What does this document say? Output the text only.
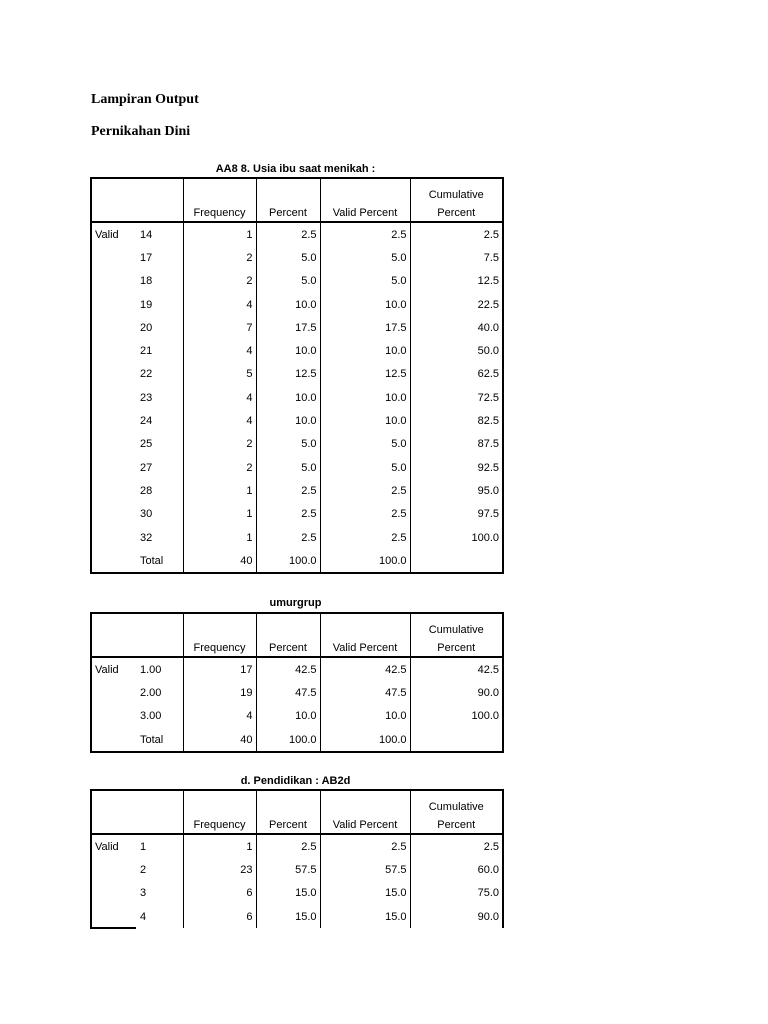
Lampiran Output
Pernikahan Dini
AA8 8. Usia ibu saat menikah :
					Cumulative
		Frequency	Percent	Valid Percent	Percent
Valid	14	1	2.5	2.5	2.5
	17	2	5.0	5.0	7.5
	18	2	5.0	5.0	12.5
	19	4	10.0	10.0	22.5
	20	7	17.5	17.5	40.0
	21	4	10.0	10.0	50.0
	22	5	12.5	12.5	62.5
	23	4	10.0	10.0	72.5
	24	4	10.0	10.0	82.5
	25	2	5.0	5.0	87.5
	27	2	5.0	5.0	92.5
	28	1	2.5	2.5	95.0
	30	1	2.5	2.5	97.5
	32	1	2.5	2.5	100.0
	Total	40	100.0	100.0	
umurgrup
					Cumulative
		Frequency	Percent	Valid Percent	Percent
Valid	1.00	17	42.5	42.5	42.5
	2.00	19	47.5	47.5	90.0
	3.00	4	10.0	10.0	100.0
	Total	40	100.0	100.0	
d. Pendidikan : AB2d
					Cumulative
		Frequency	Percent	Valid Percent	Percent
Valid	1	1	2.5	2.5	2.5
	2	23	57.5	57.5	60.0
	3	6	15.0	15.0	75.0
	4	6	15.0	15.0	90.0
